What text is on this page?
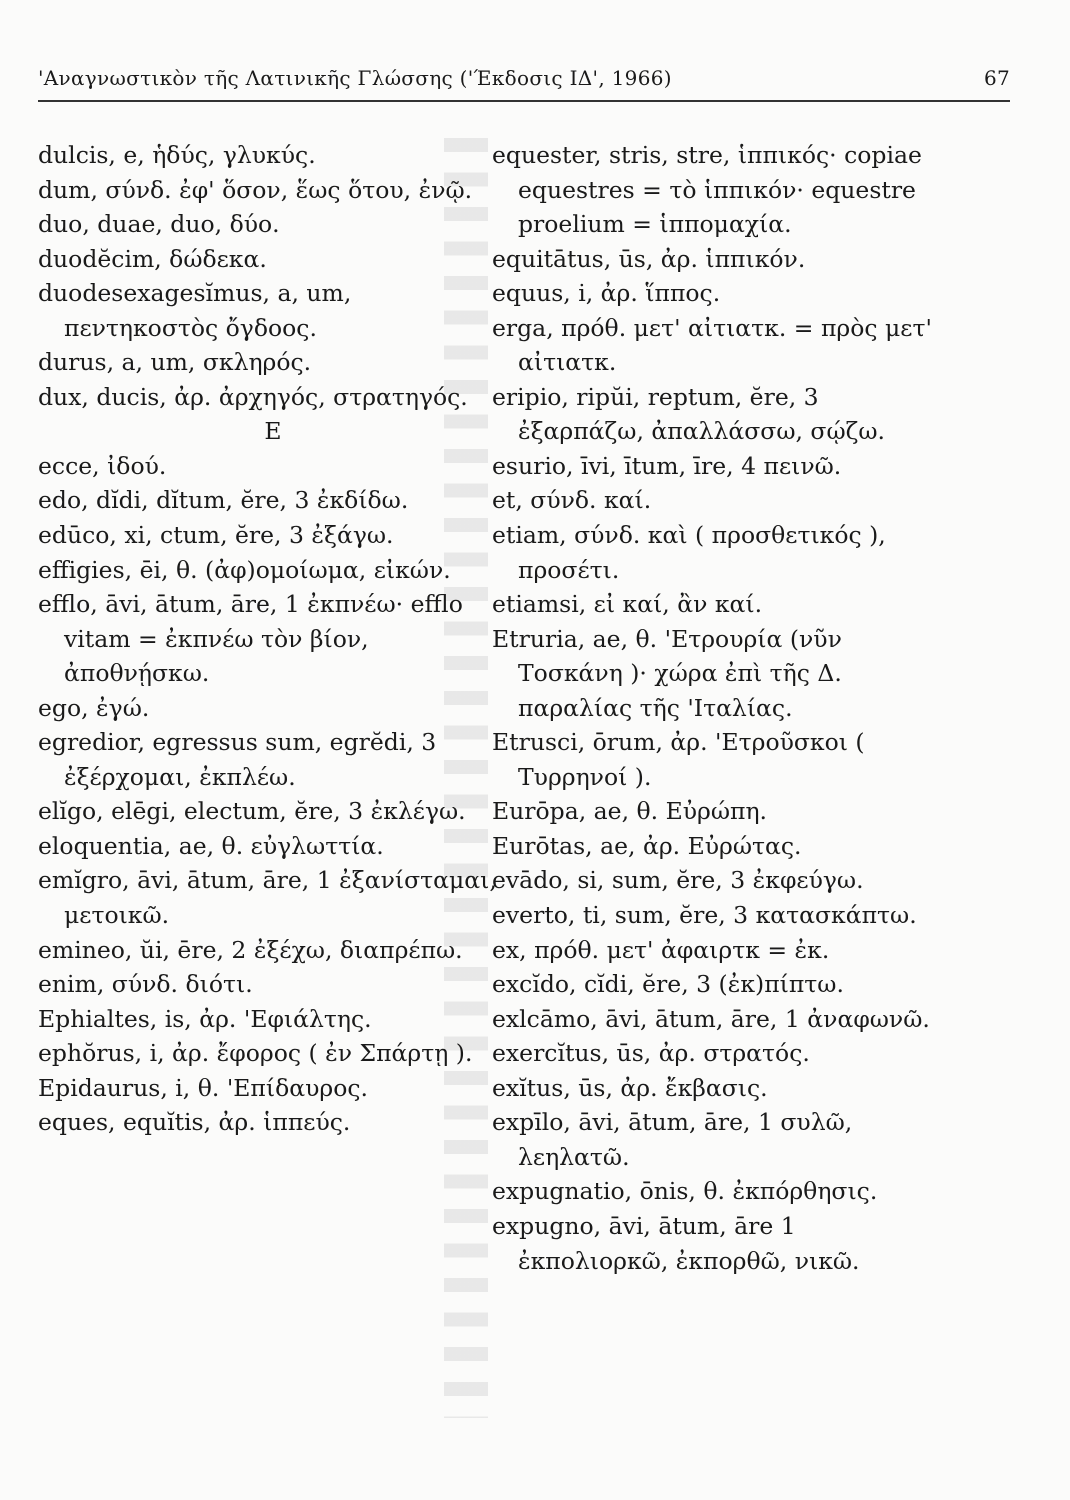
'Αναγνωστικὸν τῆς Λατινικῆς Γλώσσης ('Έκδοσις ΙΔ', 1966)	67

dulcis, e, ἡδύς, γλυκύς.

dum, σύνδ. ἐφ' ὅσον, ἕως ὅτου, ἐνῷ.

duo, duae, duo, δύο.

duodĕcim, δώδεκα.

duodesexagesĭmus, a, um, πεντηκοστὸς ὄγδοος.

durus, a, um, σκληρός.

dux, ducis, ἀρ. ἀρχηγός, στρατηγός.

E

ecce, ἰδού.

edo, dĭdi, dĭtum, ĕre, 3 ἐκδίδω.

edūco, xi, ctum, ĕre, 3 ἐξάγω.

effigies, ēi, θ. (ἀφ)ομοίωμα, εἰκών.

efflo, āvi, ātum, āre, 1 ἐκπνέω· efflo vitam = ἐκπνέω τὸν βίον, ἀποθνῄσκω.

ego, ἐγώ.

egredior, egressus sum, egrĕdi, 3 ἐξέρχομαι, ἐκπλέω.

elĭgo, elēgi, electum, ĕre, 3 ἐκλέγω.

eloquentia, ae, θ. εὐγλωττία.

emĭgro, āvi, ātum, āre, 1 ἐξανίσταμαι, μετοικῶ.

emineo, ŭi, ēre, 2 ἐξέχω, διαπρέπω.

enim, σύνδ. διότι.

Ephialtes, is, ἀρ. 'Εφιάλτης.

ephŏrus, i, ἀρ. ἔφορος ( ἐν Σπάρτῃ ).

Epidaurus, i, θ. 'Επίδαυρος.

eques, equĭtis, ἀρ. ἱππεύς.

equester, stris, stre, ἱππικός· copiae equestres = τὸ ἱππικόν· equestre proelium = ἱππομαχία.

equitātus, ūs, ἀρ. ἱππικόν.

equus, i, ἀρ. ἵππος.

erga, πρόθ. μετ' αἰτιατκ. = πρὸς μετ' αἰτιατκ.

eripio, ripŭi, reptum, ĕre, 3 ἐξαρπάζω, ἀπαλλάσσω, σῴζω.

esurio, īvi, ītum, īre, 4 πεινῶ.

et, σύνδ. καί.

etiam, σύνδ. καὶ ( προσθετικός ), προσέτι.

etiamsi, εἰ καί, ἂν καί.

Etruria, ae, θ. 'Ετρουρία (νῦν Τοσκάνη )· χώρα ἐπὶ τῆς Δ. παραλίας τῆς 'Ιταλίας.

Etrusci, ōrum, ἀρ. 'Ετροῦσκοι ( Τυρρηνοί ).

Eurōpa, ae, θ. Εὐρώπη.

Eurōtas, ae, ἀρ. Εὐρώτας.

evādo, si, sum, ĕre, 3 ἐκφεύγω.

everto, ti, sum, ĕre, 3 κατασκάπτω.

ex, πρόθ. μετ' ἀφαιρτκ = ἐκ.

excĭdo, cĭdi, ĕre, 3 (ἐκ)πίπτω.

exlcāmo, āvi, ātum, āre, 1 ἀναφωνῶ.

exercĭtus, ūs, ἀρ. στρατός.

exĭtus, ūs, ἀρ. ἔκβασις.

expīlo, āvi, ātum, āre, 1 συλῶ, λεηλατῶ.

expugnatio, ōnis, θ. ἐκπόρθησις.

expugno, āvi, ātum, āre 1 ἐκπολιορκῶ, ἐκπορθῶ, νικῶ.
